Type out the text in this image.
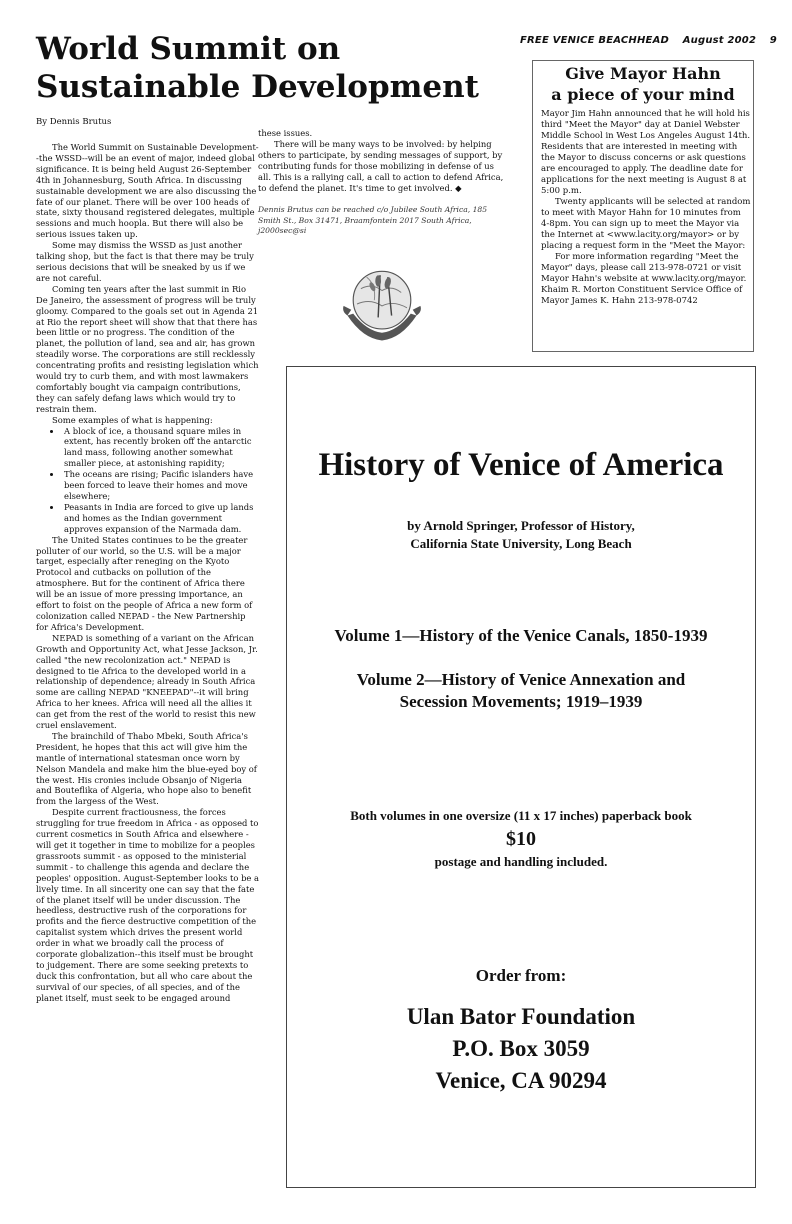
FREE VENICE BEACHHEAD August 2002 9
World Summit on Sustainable Development
By Dennis Brutus

The World Summit on Sustainable Development--the WSSD--will be an event of major, indeed global significance. It is being held August 26-September 4th in Johannesburg, South Africa. In discussing sustainable development we are also discussing the fate of our planet. There will be over 100 heads of state, sixty thousand registered delegates, multiple sessions and much hoopla. But there will also be serious issues taken up.

Some may dismiss the WSSD as just another talking shop, but the fact is that there may be truly serious decisions that will be sneaked by us if we are not careful.

Coming ten years after the last summit in Rio De Janeiro, the assessment of progress will be truly gloomy. Compared to the goals set out in Agenda 21 at Rio the report sheet will show that that there has been little or no progress. The condition of the planet, the pollution of land, sea and air, has grown steadily worse. The corporations are still recklessly concentrating profits and resisting legislation which would try to curb them, and with most lawmakers comfortably bought via campaign contributions, they can safely defang laws which would try to restrain them.

Some examples of what is happening:

• A block of ice, a thousand square miles in extent, has recently broken off the antarctic land mass, following another somewhat smaller piece, at astonishing rapidity;
• The oceans are rising; Pacific islanders have been forced to leave their homes and move elsewhere;
• Peasants in India are forced to give up lands and homes as the Indian government approves expansion of the Narmada dam.

The United States continues to be the greater polluter of our world, so the U.S. will be a major target, especially after reneging on the Kyoto Protocol and cutbacks on pollution of the atmosphere. But for the continent of Africa there will be an issue of more pressing importance, an effort to foist on the people of Africa a new form of colonization called NEPAD - the New Partnership for Africa's Development.

NEPAD is something of a variant on the African Growth and Opportunity Act, what Jesse Jackson, Jr. called "the new recolonization act." NEPAD is designed to tie Africa to the developed world in a relationship of dependence; already in South Africa some are calling NEPAD "KNEEPAD"--it will bring Africa to her knees. Africa will need all the allies it can get from the rest of the world to resist this new cruel enslavement.

The brainchild of Thabo Mbeki, South Africa's President, he hopes that this act will give him the mantle of international statesman once worn by Nelson Mandela and make him the blue-eyed boy of the west. His cronies include Obsanjo of Nigeria and Bouteflika of Algeria, who hope also to benefit from the largess of the West.

Despite current fractiousness, the forces struggling for true freedom in Africa - as opposed to current cosmetics in South Africa and elsewhere -will get it together in time to mobilize for a peoples grassroots summit - as opposed to the ministerial summit - to challenge this agenda and declare the peoples' opposition. August-September looks to be a lively time. In all sincerity one can say that the fate of the planet itself will be under discussion. The heedless, destructive rush of the corporations for profits and the fierce destructive competition of the capitalist system which drives the present world order in what we broadly call the process of corporate globalization--this itself must be brought to judgement. There are some seeking pretexts to duck this confrontation, but all who care about the survival of our species, of all species, and of the planet itself, must seek to be engaged around

these issues.

There will be many ways to be involved: by helping others to participate, by sending messages of support, by contributing funds for those mobilizing in defense of us all. This is a rallying call, a call to action to defend Africa, to defend the planet. It's time to get involved. ◆

Dennis Brutus can be reached c/o Jubilee South Africa, 185 Smith St., Box 31471, Braamfontein 2017 South Africa, j2000sec@si
Give Mayor Hahn
a piece of your mind

Mayor Jim Hahn announced that he will hold his third "Meet the Mayor" day at Daniel Webster Middle School in West Los Angeles August 14th. Residents that are interested in meeting with the Mayor to discuss concerns or ask questions are encouraged to apply. The deadline date for applications for the next meeting is August 8 at 5:00 p.m.

Twenty applicants will be selected at random to meet with Mayor Hahn for 10 minutes from 4-8pm. You can sign up to meet the Mayor via the Internet at <www.lacity.org/mayor> or by placing a request form in the "Meet the Mayor:

For more information regarding "Meet the Mayor" days, please call 213-978-0721 or visit Mayor Hahn's website at www.lacity.org/mayor. Khaim R. Morton Constituent Service Office of Mayor James K. Hahn 213-978-0742

History of Venice of America
by Arnold Springer, Professor of History,
California State University, Long Beach
Volume 1—History of the Venice Canals, 1850-1939
Volume 2—History of Venice Annexation and
Secession Movements; 1919–1939
Both volumes in one oversize (11 x 17 inches) paperback book
$10
postage and handling included.
Order from:
Ulan Bator Foundation
P.O. Box 3059
Venice, CA 90294
